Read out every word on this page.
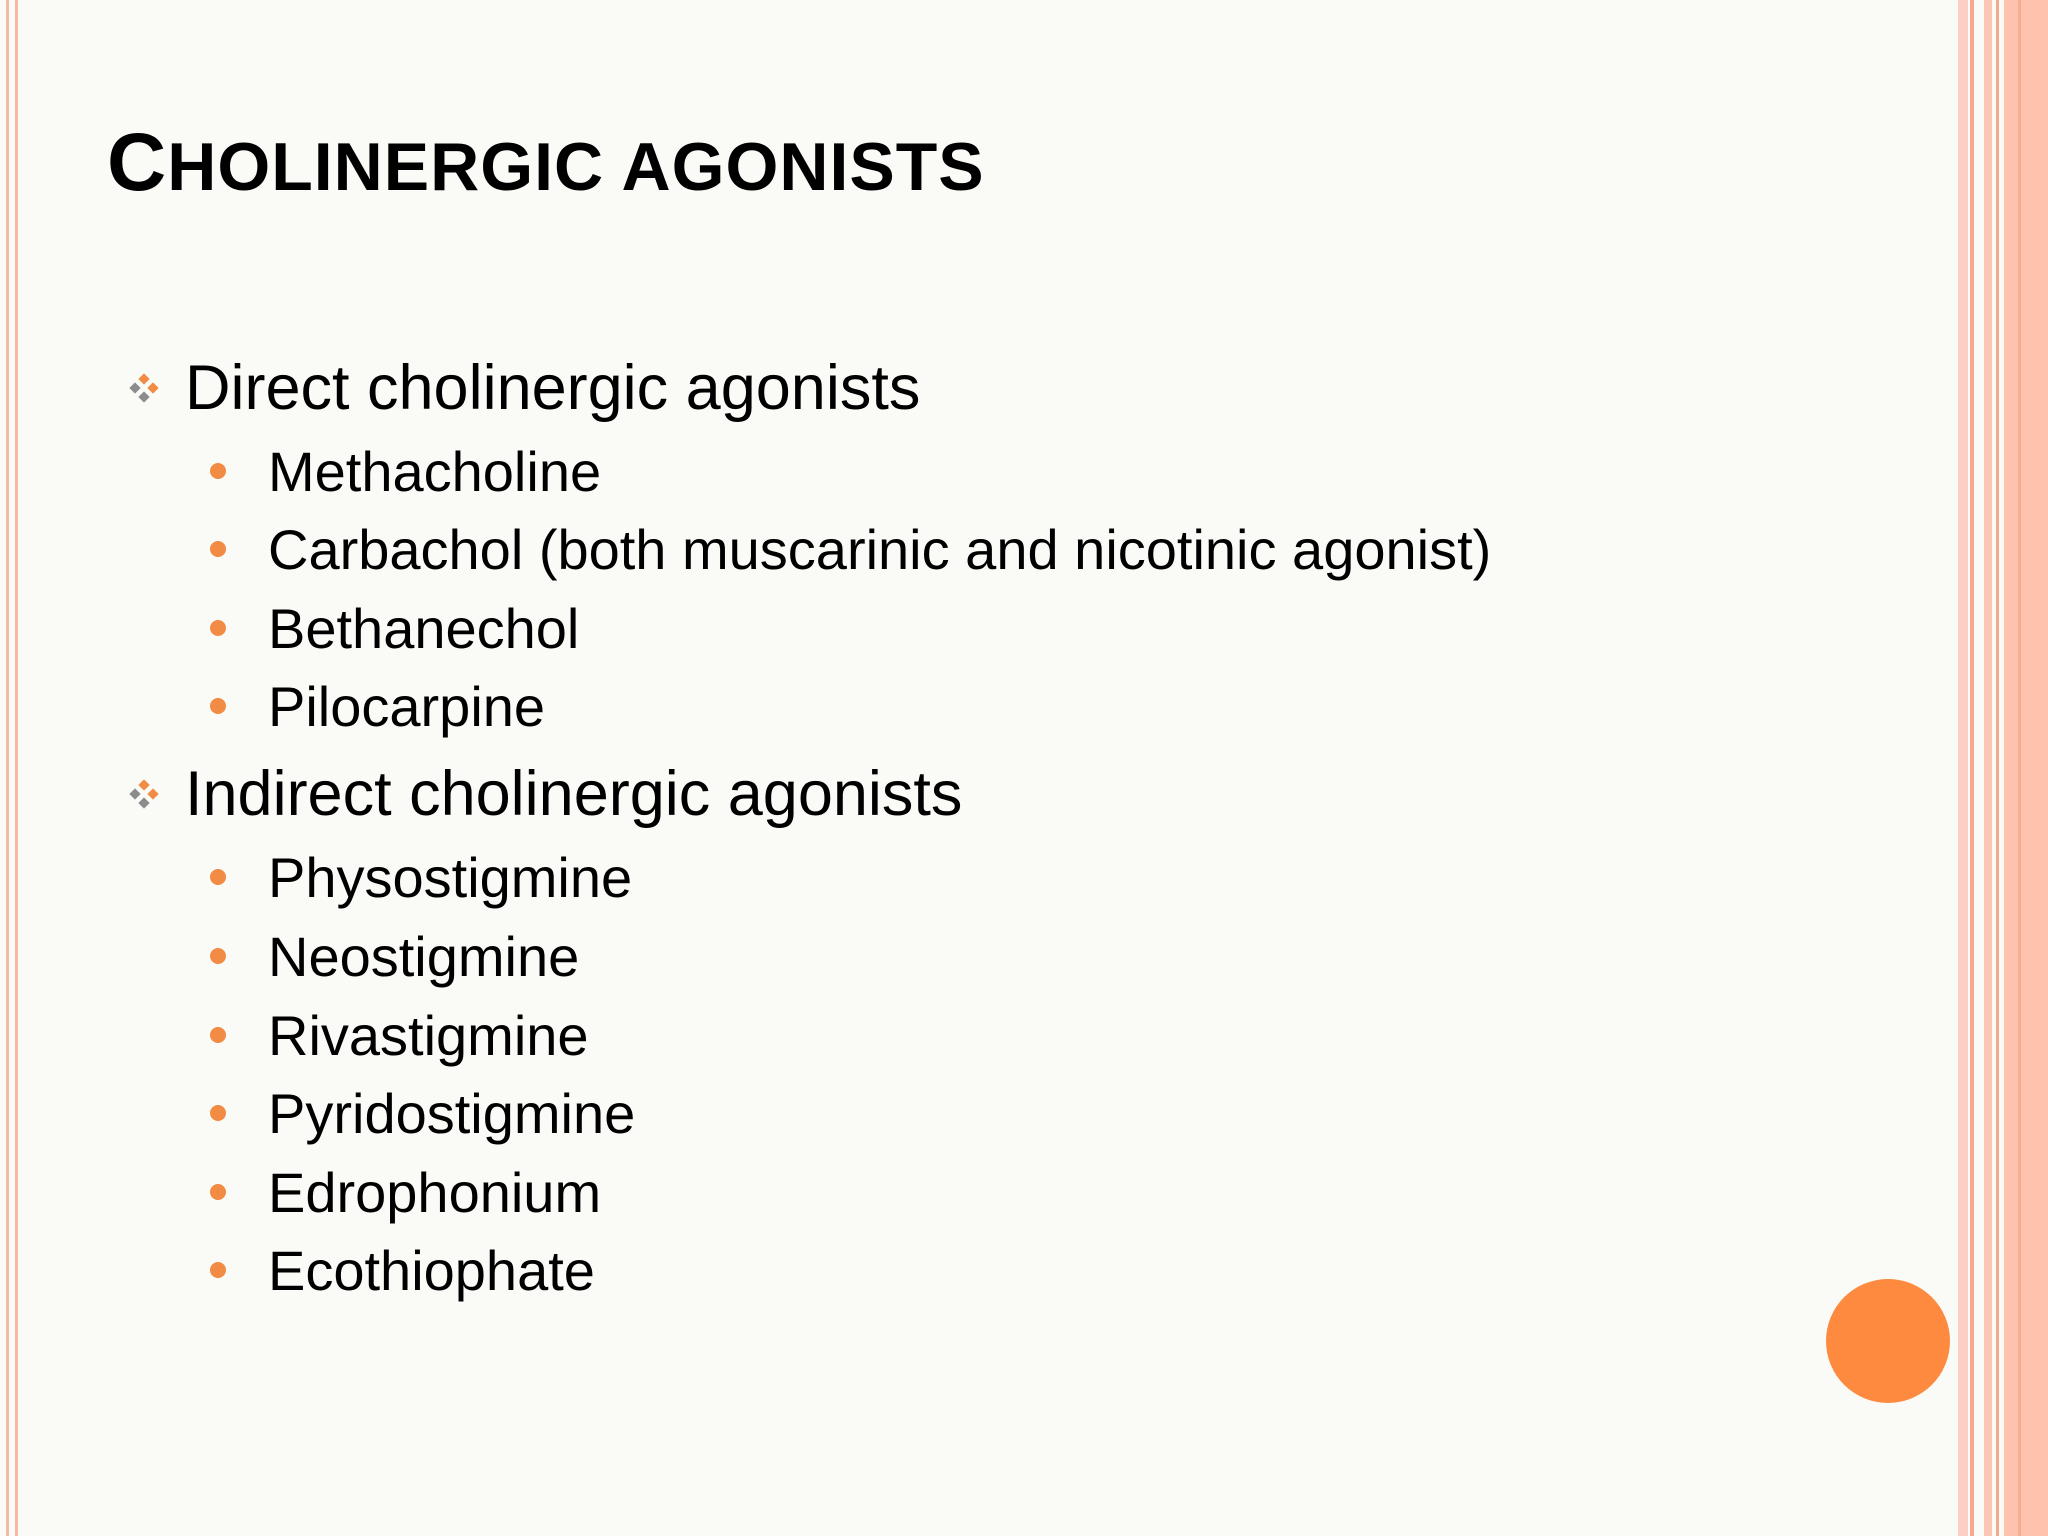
CHOLINERGIC AGONISTS
Direct cholinergic agonists
Methacholine
Carbachol (both muscarinic and nicotinic agonist)
Bethanechol
Pilocarpine
Indirect cholinergic agonists
Physostigmine
Neostigmine
Rivastigmine
Pyridostigmine
Edrophonium
Ecothiophate
